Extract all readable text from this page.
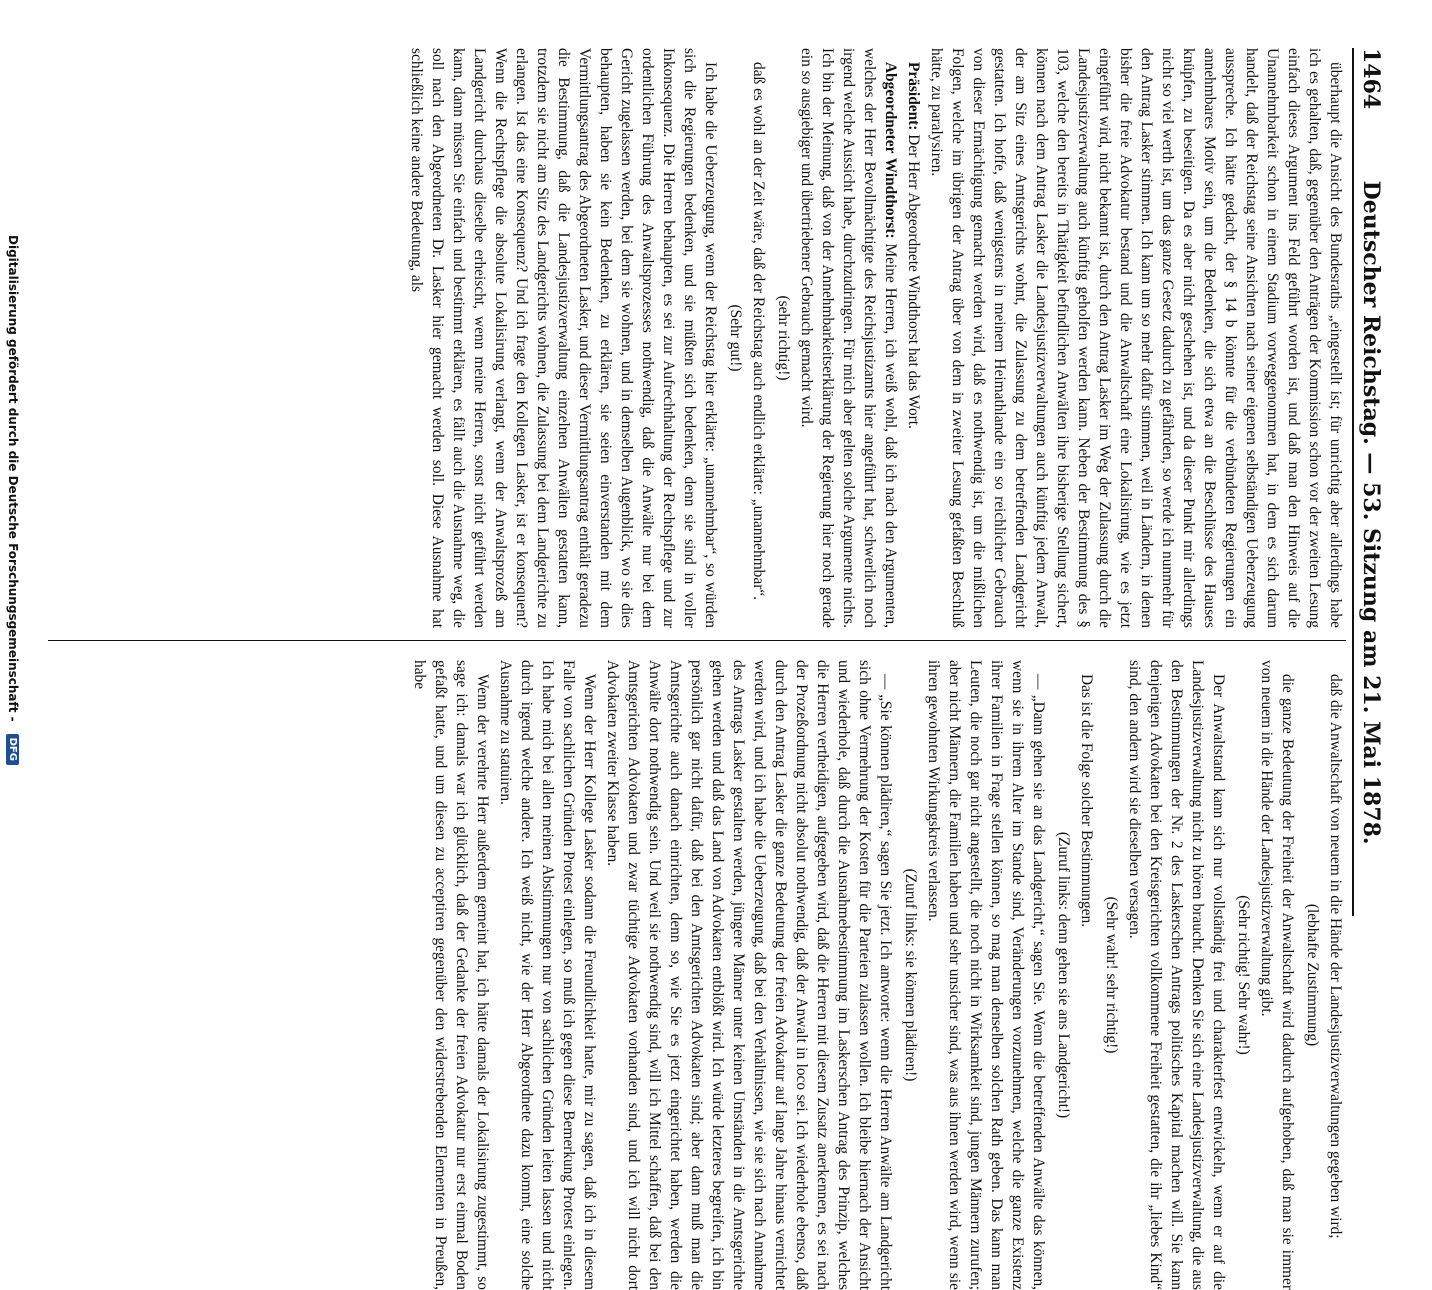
1464
Deutscher Reichstag. — 53. Sitzung am 21. Mai 1878.

überhaupt die Ansicht des Bundesraths „eingestellt ist; für unrichtig aber allerdings habe ich es gehalten, daß, gegenüber den Anträgen der Kommission schon vor der zweiten Lesung einfach dieses Argument ins Feld geführt worden ist, und daß man den Hinweis auf die Unannehmbarkeit schon in einem Stadium vorweggenommen hat, in dem es sich darum handelt, daß der Reichstag seine Ansichten nach seiner eigenen selbständigen Ueberzeugung ausspreche. Ich hätte gedacht, der § 14 b könnte für die verbündeten Regierungen ein annehmbares Motiv sein, um die Bedenken, die sich etwa an die Beschlüsse des Hauses knüpfen, zu beseitigen. Da es aber nicht geschehen ist, und da dieser Punkt mir allerdings nicht so viel werth ist, um das ganze Gesetz dadurch zu gefährden, so werde ich nunmehr für den Antrag Lasker stimmen. Ich kann um so mehr dafür stimmen, weil in Ländern, in denen bisher die freie Advokatur bestand und die Anwaltschaft eine Lokalisirung, wie es jetzt eingeführt wird, nicht bekannt ist, durch den Antrag Lasker im Weg der Zulassung durch die Landesjustizverwaltung auch künftig geholfen werden kann. Neben der Bestimmung des § 103, welche den bereits in Thätigkeit befindlichen Anwälten ihre bisherige Stellung sichert, können nach dem Antrag Lasker die Landesjustizverwaltungen auch künftig jedem Anwalt, der am Sitz eines Amtsgerichts wohnt, die Zulassung zu dem betreffenden Landgericht gestatten. Ich hoffe, daß wenigstens in meinem Heimathlande ein so reichlicher Gebrauch von dieser Ermächtigung gemacht werden wird, daß es nothwendig ist, um die mißlichen Folgen, welche im übrigen der Antrag über von dem in zweiter Lesung gefaßten Beschluß hätte, zu paralysiren.

Präsident: Der Herr Abgeordnete Windthorst hat das Wort.

Abgeordneter Windthorst: Meine Herren, ich weiß wohl, daß ich nach den Argumenten, welches der Herr Bevollmächtigte des Reichsjustizamts hier angeführt hat, schwerlich noch irgend welche Aussicht habe, durchzudringen. Für mich aber gelten solche Argumente nichts. Ich bin der Meinung, daß von der Annehmbarkeitserklärung der Regierung hier noch gerade ein so ausgiebiger und übertriebener Gebrauch gemacht wird.

(sehr richtig!)

daß es wohl an der Zeit wäre, daß der Reichstag auch endlich erklärte: „unannehmbar“.

(Sehr gut!)

Ich habe die Ueberzeugung, wenn der Reichstag hier erklärte: „unannehmbar“, so würden sich die Regierungen bedenken, und sie müßten sich bedenken, denn sie sind in voller Inkonsequenz. Die Herren behaupten, es sei zur Aufrechthaltung der Rechtspflege und zur ordentlichen Führung des Anwaltsprozesses nothwendig, daß die Anwälte nur bei dem Gericht zugelassen werden, bei dem sie wohnen, und in demselben Augenblick, wo sie dies behaupten, haben sie kein Bedenken, zu erklären, sie seien einverstanden mit dem Vermittlungsantrag des Abgeordneten Lasker, und dieser Vermittlungsantrag enthält geradezu die Bestimmung, daß die Landesjustizverwaltung einzelnen Anwälten gestatten kann, trotzdem sie nicht am Sitz des Landgerichts wohnen, die Zulassung bei dem Landgerichte zu erlangen. Ist das eine Konsequenz? Und ich frage den Kollegen Lasker, ist er konsequent? Wenn die Rechtspflege die absolute Lokalisirung verlangt, wenn der Anwaltsprozeß am Landgericht durchaus dieselbe erheischt, wenn meine Herren, sonst nicht geführt werden kann, dann müssen Sie einfach und bestimmt erklären, es fällt auch die Ausnahme weg, die soll nach den Abgeordneten Dr. Lasker hier gemacht werden soll. Diese Ausnahme hat schließlich keine andere Bedeutung, als

daß die Anwaltschaft von neuem in die Hände der Landesjustizverwaltungen gegeben wird;

(lebhafte Zustimmung)

die ganze Bedeutung der Freiheit der Anwaltschaft wird dadurch aufgehoben, daß man sie immer von neuem in die Hände der Landesjustizverwaltung gibt.

(Sehr richtig! Sehr wahr!)

Der Anwaltstand kann sich nur vollständig frei und charakterfest entwickeln, wenn er auf die Landesjustizverwaltung nicht zu hören braucht. Denken Sie sich eine Landesjustizverwaltung, die aus den Bestimmungen der Nr. 2 des Laskerschen Antrags politisches Kapital machen will. Sie kann denjenigen Advokaten bei den Kreisgerichten vollkommene Freiheit gestatten, die ihr „liebes Kind“ sind, den andern wird sie dieselben versagen.

(Sehr wahr! sehr richtig!)

Das ist die Folge solcher Bestimmungen.

(Zuruf links: denn gehen sie ans Landgericht!)

— „Dann gehen sie an das Landgericht,“ sagen Sie. Wenn die betreffenden Anwälte das können, wenn sie in ihrem Alter im Stande sind, Veränderungen vorzunehmen, welche die ganze Existenz ihrer Familien in Frage stellen können, so mag man denselben solchen Rath geben. Das kann man Leuten, die noch gar nicht angestellt, die noch nicht in Wirksamkeit sind, jungen Männern zurufen; aber nicht Männern, die Familien haben und sehr unsicher sind, was aus ihnen werden wird, wenn sie ihren gewohnten Wirkungskreis verlassen.

(Zuruf links: sie können plädiren!)

— „Sie können plädiren,“ sagen Sie jetzt. Ich antworte: wenn die Herren Anwälte am Landgericht sich ohne Vermehrung der Kosten für die Parteien zulassen wollen. Ich bleibe hiernach der Ansicht und wiederhole, daß durch die Ausnahmebestimmung im Laskerschen Antrag des Prinzip, welches die Herren vertheidigen, aufgegeben wird, daß die Herren mit diesem Zusatz anerkennen, es sei nach der Prozeßordnung nicht absolut nothwendig, daß der Anwalt in loco sei. Ich wiederhole ebenso, daß durch den Antrag Lasker die ganze Bedeutung der freien Advokatur auf lange Jahre hinaus vernichtet werden wird, und ich habe die Ueberzeugung, daß bei den Verhältnissen, wie sie sich nach Annahme des Antrags Lasker gestalten werden, jüngere Männer unter keinen Umständen in die Amtsgerichte gehen werden und daß das Land von Advokaten entblößt wird. Ich würde letzteres begreifen, ich bin persönlich gar nicht dafür, daß bei den Amtsgerichten Advokaten sind; aber dann muß man die Amtsgerichte auch danach einrichten, denn so, wie Sie es jetzt eingerichtet haben, werden die Anwälte dort nothwendig sein. Und weil sie nothwendig sind, will ich Mittel schaffen, daß bei den Amtsgerichten Advokaten und zwar tüchtige Advokaten vorhanden sind, und ich will nicht dort Advokaten zweiter Klasse haben.

Wenn der Herr Kollege Lasker sodann die Freundlichkeit hatte, mir zu sagen, daß ich in diesem Falle von sachlichen Gründen Protest einlegen, so muß ich gegen diese Bemerkung Protest einlegen. Ich habe mich bei allen meinen Abstimmungen nur von sachlichen Gründen leiten lassen und nicht durch irgend welche andere. Ich weiß nicht, wie der Herr Abgeordnete dazu kommt, eine solche Ausnahme zu statuiren.

Wenn der verehrte Herr außerdem gemeint hat, ich hätte damals der Lokalisirung zugestimmt, so sage ich: damals war ich glücklich, daß der Gedanke der freien Advokatur nur erst einmal Boden gefaßt hatte, und um diesen zu acceptiren gegenüber den widerstrebenden Elementen in Preußen, habe

Digitalisierung gefördert durch die Deutsche Forschungsgemeinschaft -
DFG
